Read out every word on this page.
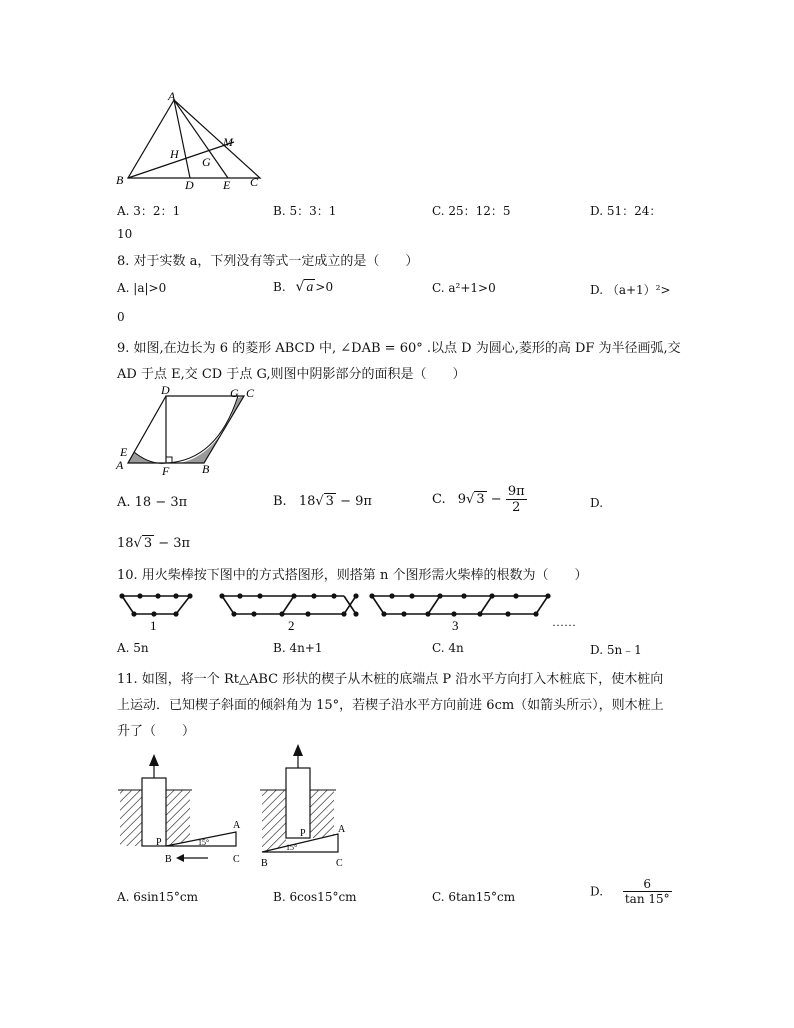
A
B	C
D E
H
G
M
A. 3：2：1	B. 5：3：1	C. 25：12：5	D. 51：24：
10
8. 对于实数 a，下列没有等式一定成立的是（　　）
A. |a|>0	B. √ a >0	C. a²+1>0	D. （a+1）²>
0
9. 如图,在边长为 6 的菱形 ABCD 中, ∠DAB = 60° .以点 D 为圆心,菱形的高 DF 为半径画弧,交
AD 于点 E,交 CD 于点 G,则图中阴影部分的面积是（　　）
D	G C
E
A	F	B
A. 18 − 3π	B. 18√ 3 − 9π	C. 9√ $3 - \frac{9\pi}{2}$	D.
18√ 3 − 3π
10. 用火柴棒按下图中的方式搭图形，则搭第 n 个图形需火柴棒的根数为（　　）
1	2	3	……
A. 5n	B. 4n+1	C. 4n	D. 5n﹣1
11. 如图，将一个 Rt△ABC 形状的楔子从木桩的底端点 P 沿水平方向打入木桩底下，使木桩向
上运动．已知楔子斜面的倾斜角为 15°，若楔子沿水平方向前进 6cm（如箭头所示），则木桩上
升了（　　）
P	15°
A
B	C
P
15°
A
B	C
A. 6sin15°cm	B. 6cos15°cm	C. 6tan15°cm	D. $\frac{6}{\tan 15^\circ}$
